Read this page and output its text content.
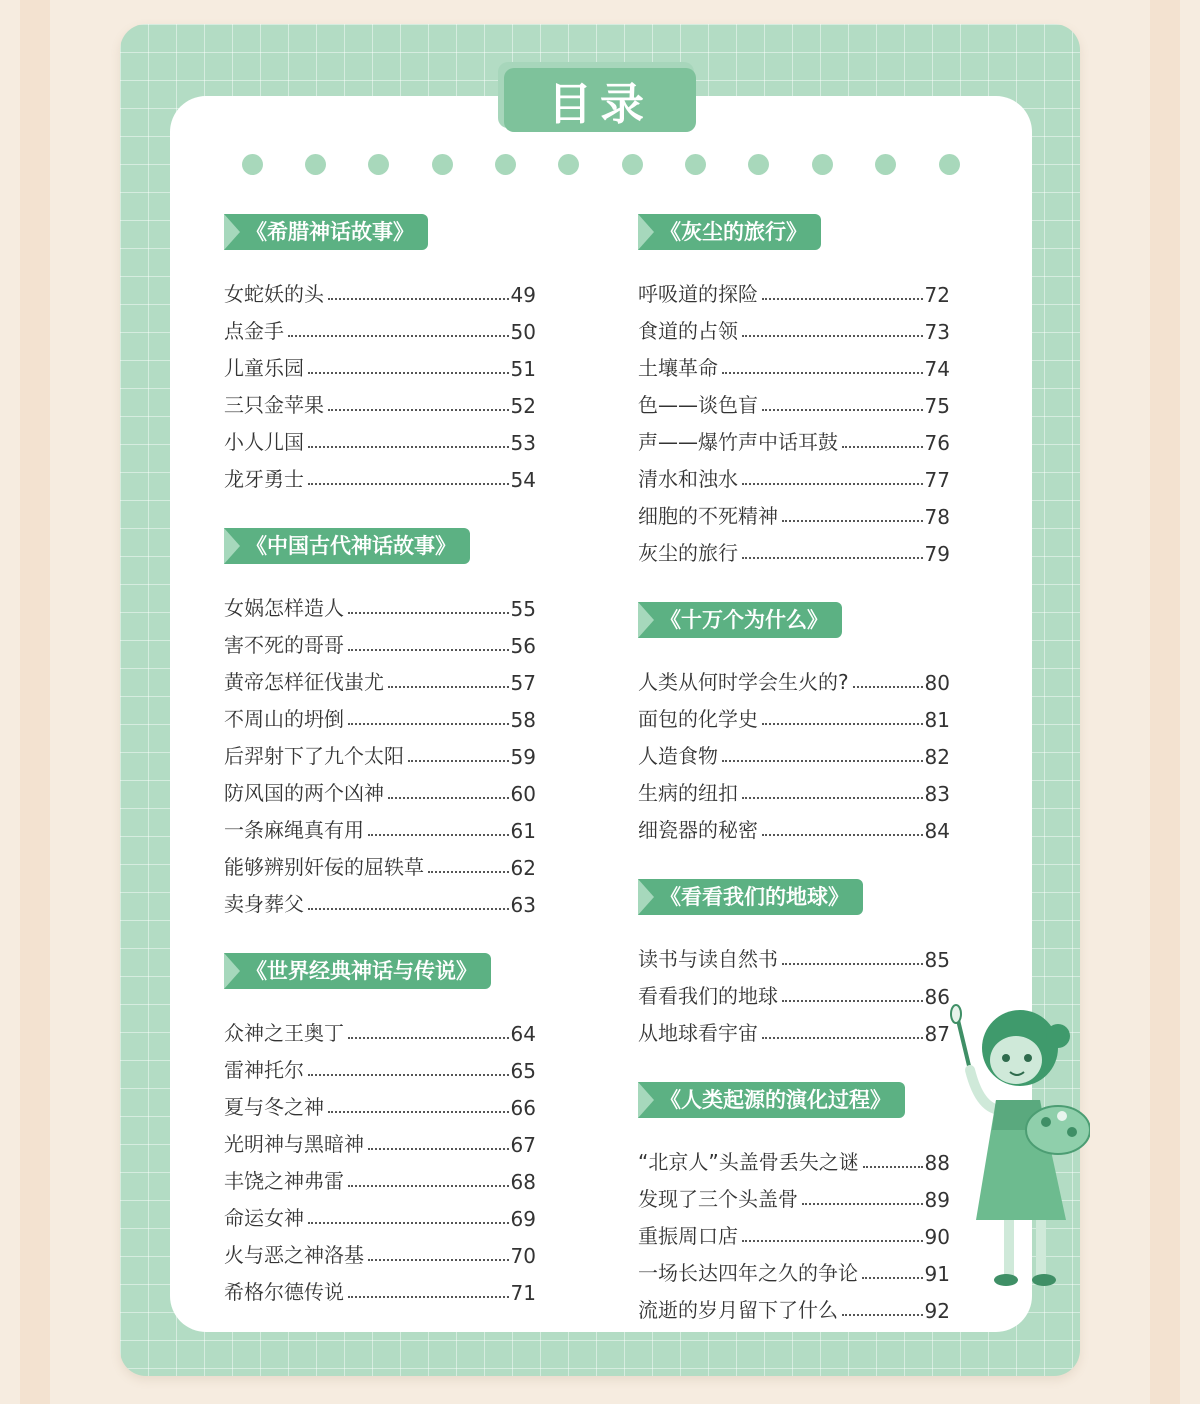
目录
《希腊神话故事》
女蛇妖的头	49
点金手	50
儿童乐园	51
三只金苹果	52
小人儿国	53
龙牙勇士	54
《中国古代神话故事》
女娲怎样造人	55
害不死的哥哥	56
黄帝怎样征伐蚩尤	57
不周山的坍倒	58
后羿射下了九个太阳	59
防风国的两个凶神	60
一条麻绳真有用	61
能够辨别奸佞的屈轶草	62
卖身葬父	63
《世界经典神话与传说》
众神之王奥丁	64
雷神托尔	65
夏与冬之神	66
光明神与黑暗神	67
丰饶之神弗雷	68
命运女神	69
火与恶之神洛基	70
希格尔德传说	71
《灰尘的旅行》
呼吸道的探险	72
食道的占领	73
土壤革命	74
色——谈色盲	75
声——爆竹声中话耳鼓	76
清水和浊水	77
细胞的不死精神	78
灰尘的旅行	79
《十万个为什么》
人类从何时学会生火的?	80
面包的化学史	81
人造食物	82
生病的纽扣	83
细瓷器的秘密	84
《看看我们的地球》
读书与读自然书	85
看看我们的地球	86
从地球看宇宙	87
《人类起源的演化过程》
“北京人”头盖骨丢失之谜	88
发现了三个头盖骨	89
重振周口店	90
一场长达四年之久的争论	91
流逝的岁月留下了什么	92
